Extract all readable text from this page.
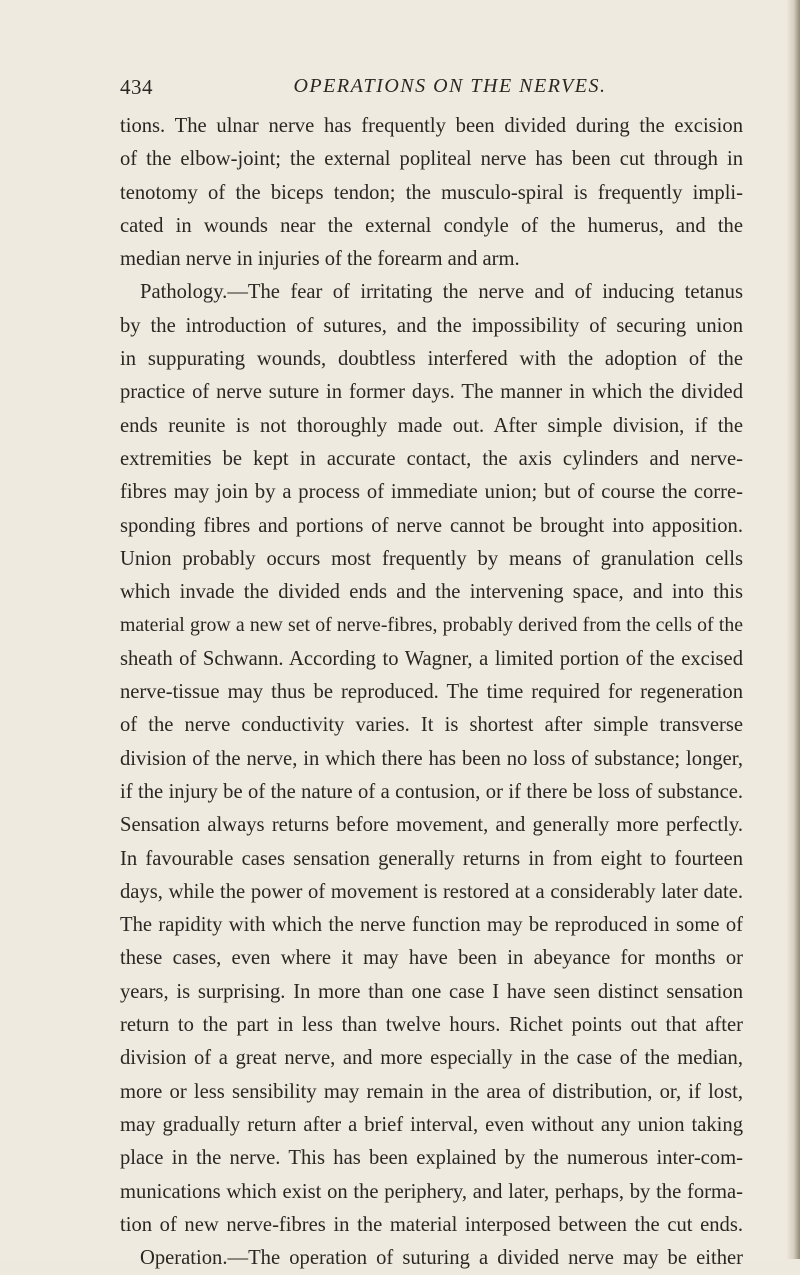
434	OPERATIONS ON THE NERVES.
tions. The ulnar nerve has frequently been divided during the excision
of the elbow-joint; the external popliteal nerve has been cut through in
tenotomy of the biceps tendon; the musculo-spiral is frequently impli-
cated in wounds near the external condyle of the humerus, and the
median nerve in injuries of the forearm and arm.
Pathology.—The fear of irritating the nerve and of inducing tetanus
by the introduction of sutures, and the impossibility of securing union
in suppurating wounds, doubtless interfered with the adoption of the
practice of nerve suture in former days. The manner in which the divided
ends reunite is not thoroughly made out. After simple division, if the
extremities be kept in accurate contact, the axis cylinders and nerve-
fibres may join by a process of immediate union; but of course the corre-
sponding fibres and portions of nerve cannot be brought into apposition.
Union probably occurs most frequently by means of granulation cells
which invade the divided ends and the intervening space, and into this
material grow a new set of nerve-fibres, probably derived from the cells of the
sheath of Schwann. According to Wagner, a limited portion of the excised
nerve-tissue may thus be reproduced. The time required for regeneration
of the nerve conductivity varies. It is shortest after simple transverse
division of the nerve, in which there has been no loss of substance; longer,
if the injury be of the nature of a contusion, or if there be loss of substance.
Sensation always returns before movement, and generally more perfectly.
In favourable cases sensation generally returns in from eight to fourteen
days, while the power of movement is restored at a considerably later date.
The rapidity with which the nerve function may be reproduced in some of
these cases, even where it may have been in abeyance for months or
years, is surprising. In more than one case I have seen distinct sensation
return to the part in less than twelve hours. Richet points out that after
division of a great nerve, and more especially in the case of the median,
more or less sensibility may remain in the area of distribution, or, if lost,
may gradually return after a brief interval, even without any union taking
place in the nerve. This has been explained by the numerous inter-com-
munications which exist on the periphery, and later, perhaps, by the forma-
tion of new nerve-fibres in the material interposed between the cut ends.
Operation.—The operation of suturing a divided nerve may be either
